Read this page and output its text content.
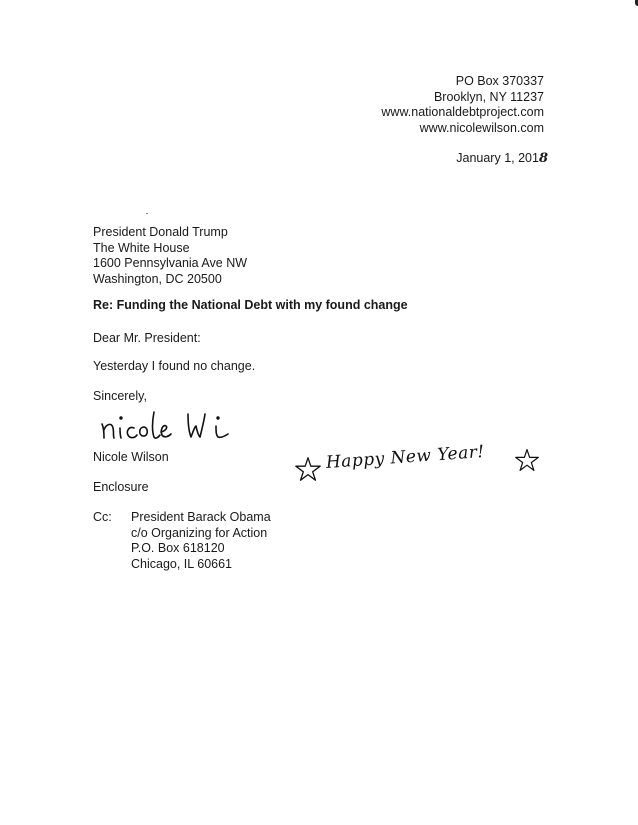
PO Box 370337
Brooklyn, NY 11237
www.nationaldebtproject.com
www.nicolewilson.com
January 1, 2018
President Donald Trump
The White House
1600 Pennsylvania Ave NW
Washington, DC 20500
Re: Funding the National Debt with my found change
Dear Mr. President:
Yesterday I found no change.
Sincerely,
Nicole Wilson
Enclosure
Cc: President Barack Obama
c/o Organizing for Action
P.O. Box 618120
Chicago, IL 60661
Happy New Year!
